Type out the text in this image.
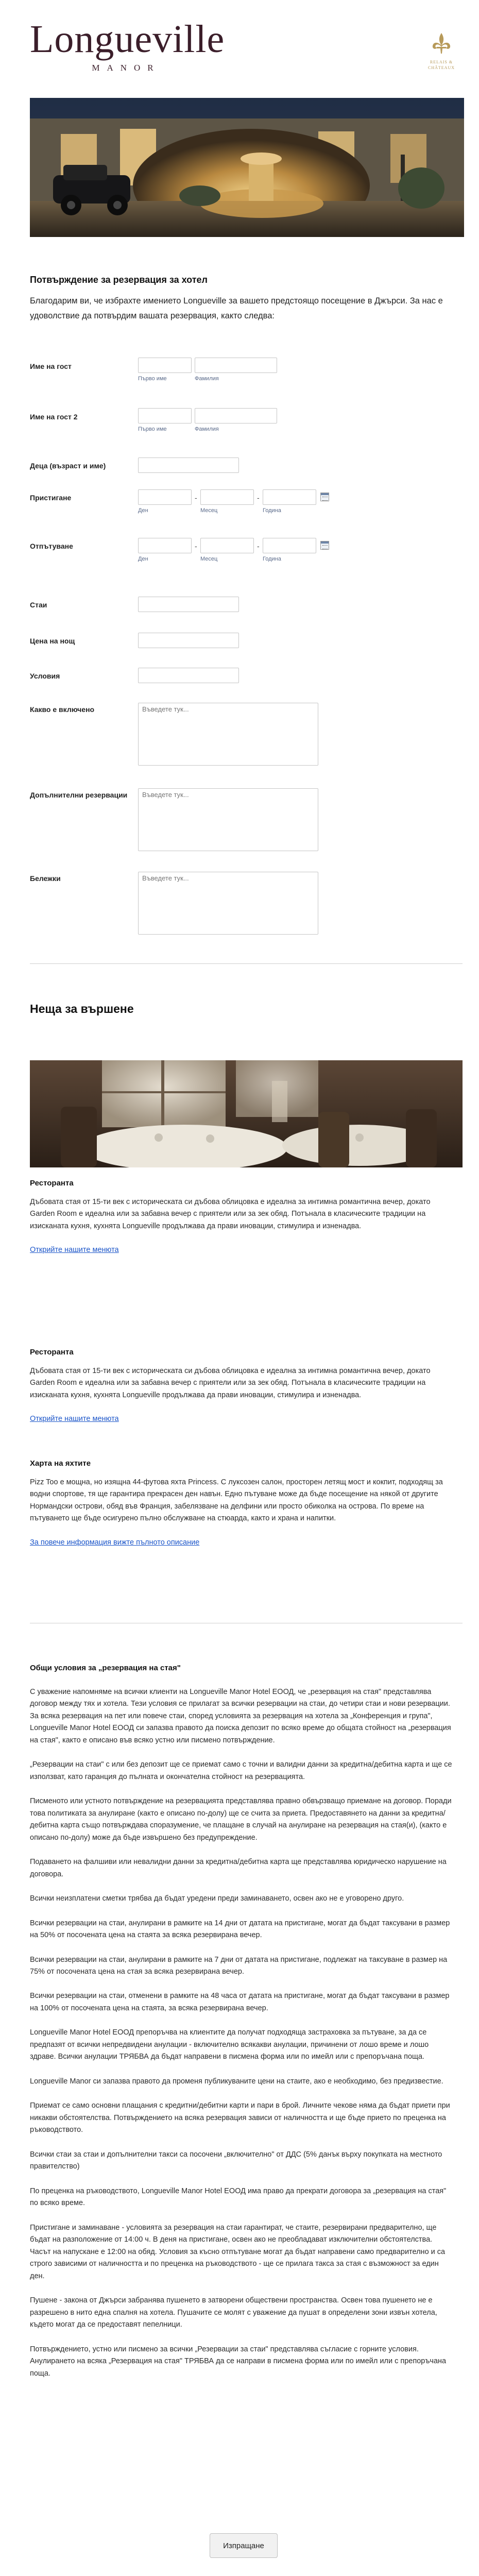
Longueville
MANOR
RELAIS &
CHÂTEAUX
Потвърждение за резервация за хотел

Благодарим ви, че избрахте имението Longueville за вашето предстоящо посещение в Джърси. За нас е удоволствие да потвърдим вашата резервация, както следва:

Име на гост
Първо име	Фамилия
Име на гост 2
Първо име	Фамилия
Деца (възраст и име)
Пристигане
Ден
-
Месец
-
Година
Отпътуване
Ден
-
Месец
-
Година
Стаи
Цена на нощ
Условия
Какво е включено
Въведете тук...
Допълнителни резервации
Въведете тук...
Бележки
Въведете тук...
Неща за вършене
Ресторанта

Дъбовата стая от 15-ти век с историческата си дъбова облицовка е идеална за интимна романтична вечер, докато Garden Room е идеална или за забавна вечер с приятели или за зек обяд. Потънала в класическите традиции на изисканата кухня, кухнята Longueville продължава да прави иновации, стимулира и изненадва.

Открийте нашите менюта
Ресторанта

Дъбовата стая от 15-ти век с историческата си дъбова облицовка е идеална за интимна романтична вечер, докато Garden Room е идеална или за забавна вечер с приятели или за зек обяд. Потънала в класическите традиции на изисканата кухня, кухнята Longueville продължава да прави иновации, стимулира и изненадва.

Открийте нашите менюта
Харта на яхтите

Pizz Too е мощна, но изящна 44-футова яхта Princess. С луксозен салон, просторен летящ мост и кокпит, подходящ за водни спортове, тя ще гарантира прекрасен ден навън. Едно пътуване може да бъде посещение на някой от другите Нормандски острови, обяд във Франция, забелязване на делфини или просто обиколка на острова. По време на пътуването ще бъде осигурено пълно обслужване на стюарда, както и храна и напитки.

За повече информация вижте пълното описание
Общи условия за „резервация на стая"

С уважение напомняме на всички клиенти на Longueville Manor Hotel ЕООД, че „резервация на стая" представлява договор между тях и хотела. Тези условия се прилагат за всички резервации на стаи, до четири стаи и нови резервации. За всяка резервация на пет или повече стаи, според условията за резервация на хотела за „Конференция и група", Longueville Manor Hotel ЕООД си запазва правото да поиска депозит по всяко време до общата стойност на „резервация на стая", както е описано във всяко устно или писмено потвърждение.

„Резервации на стаи" с или без депозит ще се приемат само с точни и валидни данни за кредитна/дебитна карта и ще се използват, като гаранция до пълната и окончателна стойност на резервацията.

Писменото или устното потвърждение на резервацията представлява правно обвързващо приемане на договор. Поради това политиката за анулиране (както е описано по-долу) ще се счита за приета. Предоставянето на данни за кредитна/дебитна карта също потвърждава споразумение, че плащане в случай на анулиране на резервация на стая(и), (както е описано по-долу) може да бъде извършено без предупреждение.

Подаването на фалшиви или невалидни данни за кредитна/дебитна карта ще представлява юридическо нарушение на договора.

Всички неизплатени сметки трябва да бъдат уредени преди заминаването, освен ако не е уговорено друго.

Всички резервации на стаи, анулирани в рамките на 14 дни от датата на пристигане, могат да бъдат таксувани в размер на 50% от посочената цена на стаята за всяка резервирана вечер.

Всички резервации на стаи, анулирани в рамките на 7 дни от датата на пристигане, подлежат на таксуване в размер на 75% от посочената цена на стая за всяка резервирана вечер.

Всички резервации на стаи, отменени в рамките на 48 часа от датата на пристигане, могат да бъдат таксувани в размер на 100% от посочената цена на стаята, за всяка резервирана вечер.

Longueville Manor Hotel ЕООД препоръчва на клиентите да получат подходяща застраховка за пътуване, за да се предпазят от всички непредвидени анулации - включително всякакви анулации, причинени от лошо време и лошо здраве. Всички анулации ТРЯБВА да бъдат направени в писмена форма или по имейл или с препоръчана поща.

Longueville Manor си запазва правото да променя публикуваните цени на стаите, ако е необходимо, без предизвестие.

Приемат се само основни плащания с кредитни/дебитни карти и пари в брой. Личните чекове няма да бъдат приети при никакви обстоятелства. Потвърждението на всяка резервация зависи от наличността и ще бъде прието по преценка на ръководството.

Всички стаи за стаи и допълнителни такси са посочени „включително" от ДДС (5% данък върху покупката на местното правителство)

По преценка на ръководството, Longueville Manor Hotel ЕООД има право да прекрати договора за „резервация на стая" по всяко време.

Пристигане и заминаване - условията за резервация на стаи гарантират, че стаите, резервирани предварително, ще бъдат на разположение от 14:00 ч. В деня на пристигане, освен ако не преобладават изключителни обстоятелства. Часът на напускане е 12:00 на обяд. Условия за късно отпътуване могат да бъдат направени само предварително и са строго зависими от наличността и по преценка на ръководството - ще се прилага такса за стая с възможност за един ден.

Пушене - закона от Джърси забранява пушенето в затворени обществени пространства. Освен това пушенето не е разрешено в нито една спалня на хотела. Пушачите се молят с уважение да пушат в определени зони извън хотела, където могат да се предоставят пепелници.

Потвърждението, устно или писмено за всички „Резервации за стаи" представлява съгласие с горните условия. Анулирането на всяка „Резервация на стая" ТРЯБВА да се направи в писмена форма или по имейл или с препоръчана поща.

Изпращане
